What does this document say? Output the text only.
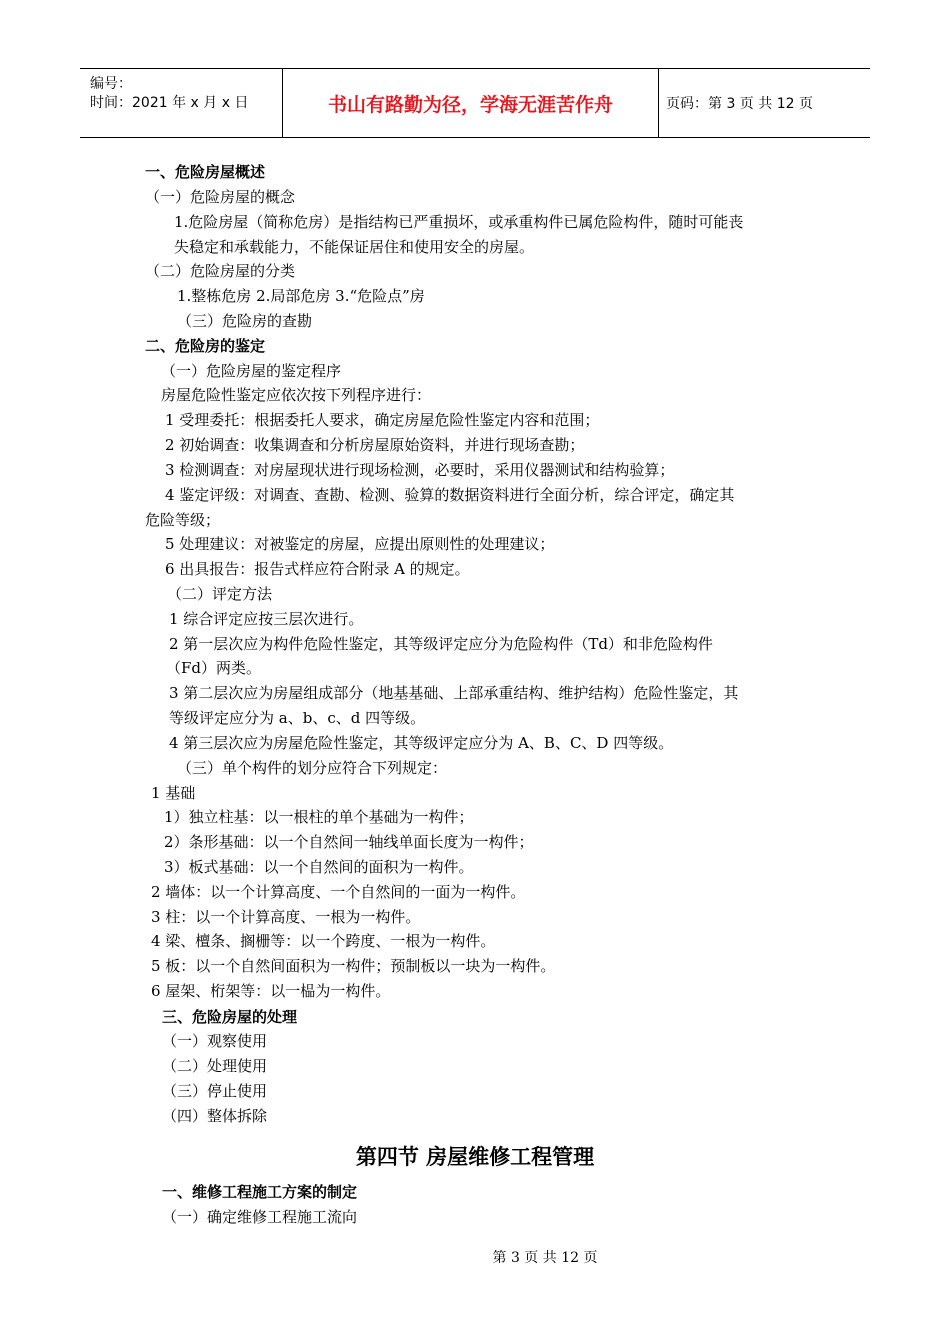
编号：
时间：2021 年 x 月 x 日	书山有路勤为径，学海无涯苦作舟	页码：第 3 页 共 12 页
一、危险房屋概述
（一）危险房屋的概念
1.危险房屋（简称危房）是指结构已严重损坏，或承重构件已属危险构件，随时可能丧
失稳定和承载能力，不能保证居住和使用安全的房屋。
（二）危险房屋的分类
1.整栋危房 2.局部危房 3.“危险点”房
（三）危险房的查勘
二、危险房的鉴定
（一）危险房屋的鉴定程序
房屋危险性鉴定应依次按下列程序进行：
1 受理委托：根据委托人要求，确定房屋危险性鉴定内容和范围；
2 初始调查：收集调查和分析房屋原始资料，并进行现场查勘；
3 检测调查：对房屋现状进行现场检测，必要时，采用仪器测试和结构验算；
4 鉴定评级：对调查、查勘、检测、验算的数据资料进行全面分析，综合评定，确定其
危险等级；
5 处理建议：对被鉴定的房屋，应提出原则性的处理建议；
6 出具报告：报告式样应符合附录 A 的规定。
（二）评定方法
1 综合评定应按三层次进行。
2 第一层次应为构件危险性鉴定，其等级评定应分为危险构件（Td）和非危险构件
（Fd）两类。
3 第二层次应为房屋组成部分（地基基础、上部承重结构、维护结构）危险性鉴定，其
等级评定应分为 a、b、c、d 四等级。
4 第三层次应为房屋危险性鉴定，其等级评定应分为 A、B、C、D 四等级。
（三）单个构件的划分应符合下列规定：
1 基础
1）独立柱基：以一根柱的单个基础为一构件；
2）条形基础：以一个自然间一轴线单面长度为一构件；
3）板式基础：以一个自然间的面积为一构件。
2 墙体：以一个计算高度、一个自然间的一面为一构件。
3 柱：以一个计算高度、一根为一构件。
4 梁、檀条、搁栅等：以一个跨度、一根为一构件。
5 板：以一个自然间面积为一构件；预制板以一块为一构件。
6 屋架、桁架等：以一榀为一构件。
三、危险房屋的处理
（一）观察使用
（二）处理使用
（三）停止使用
（四）整体拆除
第四节 房屋维修工程管理
一、维修工程施工方案的制定
（一）确定维修工程施工流向
第 3 页 共 12 页
